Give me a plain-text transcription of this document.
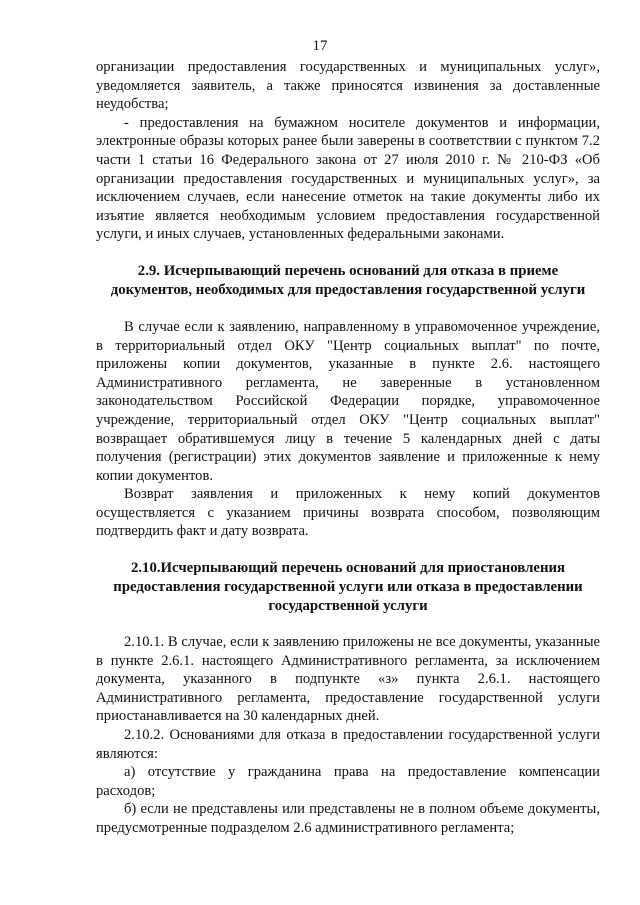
17

организации предоставления государственных и муниципальных услуг», уведомляется заявитель, а также приносятся извинения за доставленные неудобства;

- предоставления на бумажном носителе документов и информации, электронные образы которых ранее были заверены в соответствии с пунктом 7.2 части 1 статьи 16 Федерального закона от 27 июля 2010 г. № 210-ФЗ «Об организации предоставления государственных и муниципальных услуг», за исключением случаев, если нанесение отметок на такие документы либо их изъятие является необходимым условием предоставления государственной услуги, и иных случаев, установленных федеральными законами.

2.9. Исчерпывающий перечень оснований для отказа в приеме документов, необходимых для предоставления государственной услуги

В случае если к заявлению, направленному в управомоченное учреждение, в территориальный отдел ОКУ "Центр социальных выплат" по почте, приложены копии документов, указанные в пункте 2.6. настоящего Административного регламента, не заверенные в установленном законодательством Российской Федерации порядке, управомоченное учреждение, территориальный отдел ОКУ "Центр социальных выплат" возвращает обратившемуся лицу в течение 5 календарных дней с даты получения (регистрации) этих документов заявление и приложенные к нему копии документов.

Возврат заявления и приложенных к нему копий документов осуществляется с указанием причины возврата способом, позволяющим подтвердить факт и дату возврата.

2.10.Исчерпывающий перечень оснований для приостановления предоставления государственной услуги или отказа в предоставлении государственной услуги

2.10.1. В случае, если к заявлению приложены не все документы, указанные в пункте 2.6.1. настоящего Административного регламента, за исключением документа, указанного в подпункте «з» пункта 2.6.1. настоящего Административного регламента, предоставление государственной услуги приостанавливается на 30 календарных дней.

2.10.2. Основаниями для отказа в предоставлении государственной услуги являются:

а) отсутствие у гражданина права на предоставление компенсации расходов;

б) если не представлены или представлены не в полном объеме документы, предусмотренные подразделом 2.6 административного регламента;
